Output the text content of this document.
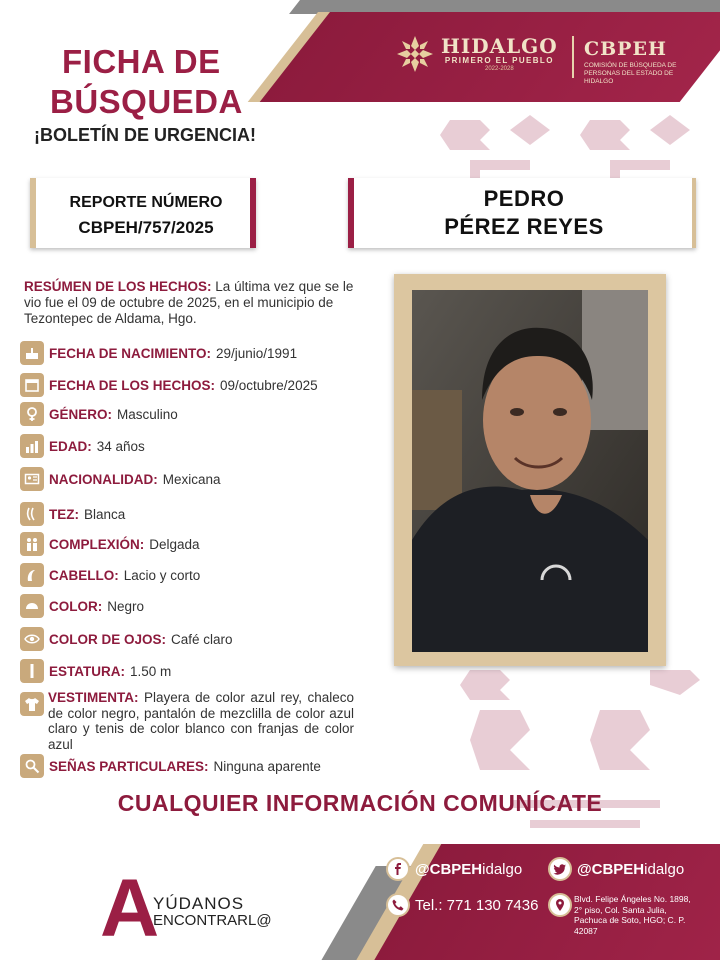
HIDALGO
PRIMERO EL PUEBLO
2022-2028
CBPEH
COMISIÓN DE BÚSQUEDA DE PERSONAS DEL ESTADO DE HIDALGO
FICHA DE
BÚSQUEDA
¡BOLETÍN DE URGENCIA!
REPORTE NÚMERO
CBPEH/757/2025
PEDRO
PÉREZ REYES
RESÚMEN DE LOS HECHOS: La última vez que se le vio fue el 09 de octubre de 2025, en el municipio de Tezontepec de Aldama, Hgo.
FECHA DE NACIMIENTO: 29/junio/1991
FECHA DE LOS HECHOS: 09/octubre/2025
GÉNERO: Masculino
EDAD: 34 años
NACIONALIDAD: Mexicana
TEZ: Blanca
COMPLEXIÓN: Delgada
CABELLO: Lacio y corto
COLOR: Negro
COLOR DE OJOS: Café claro
ESTATURA: 1.50 m
VESTIMENTA: Playera de color azul rey, chaleco de color negro, pantalón de mezclilla de color azul claro y tenis de color blanco con franjas de color azul
SEÑAS PARTICULARES: Ninguna aparente
CUALQUIER INFORMACIÓN COMUNÍCATE
@CBPEH idalgo	@CBPEH idalgo
Tel.: 771 130 7436	Blvd. Felipe Ángeles No. 1898, 2° piso, Col. Santa Julia, Pachuca de Soto, HGO; C. P. 42087
A
YÚDANOS
ENCONTRARL@
